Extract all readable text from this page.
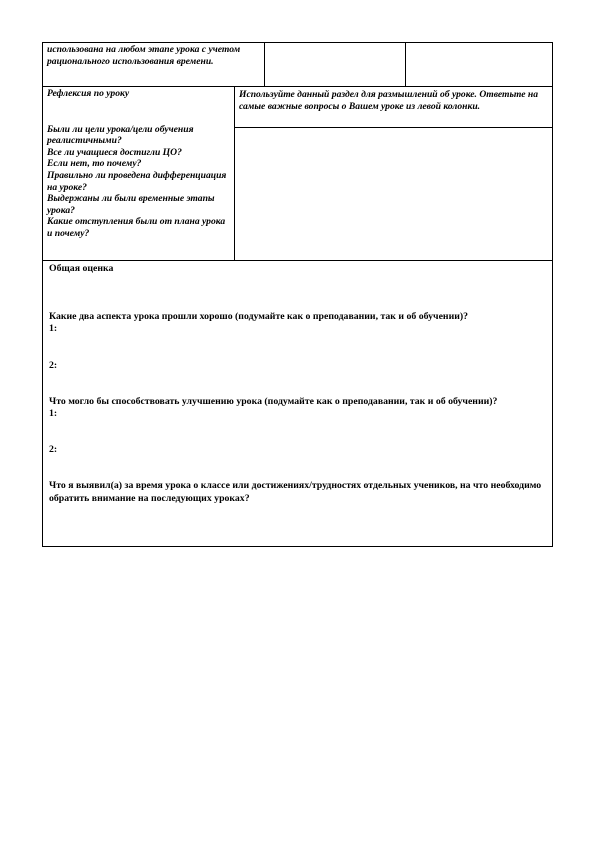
использована на любом этапе урока с учетом рационального использования времени.

Рефлексия по уроку

Были ли цели урока/цели обучения реалистичными?

Все ли учащиеся достигли ЦО?

Если нет, то почему?

Правильно ли проведена дифференциация на уроке?

Выдержаны ли были временные этапы урока?

Какие отступления были от плана урока и почему?

Используйте данный раздел для размышлений об уроке. Ответьте на самые важные вопросы о Вашем уроке из левой колонки.

Общая оценка

Какие два аспекта урока прошли хорошо (подумайте как о преподавании, так и об обучении)?

1:

2:

Что могло бы способствовать улучшению урока (подумайте как о преподавании, так и об обучении)?

1:

2:

Что я выявил(а) за время урока о классе или достижениях/трудностях отдельных учеников, на что необходимо обратить внимание на последующих уроках?
